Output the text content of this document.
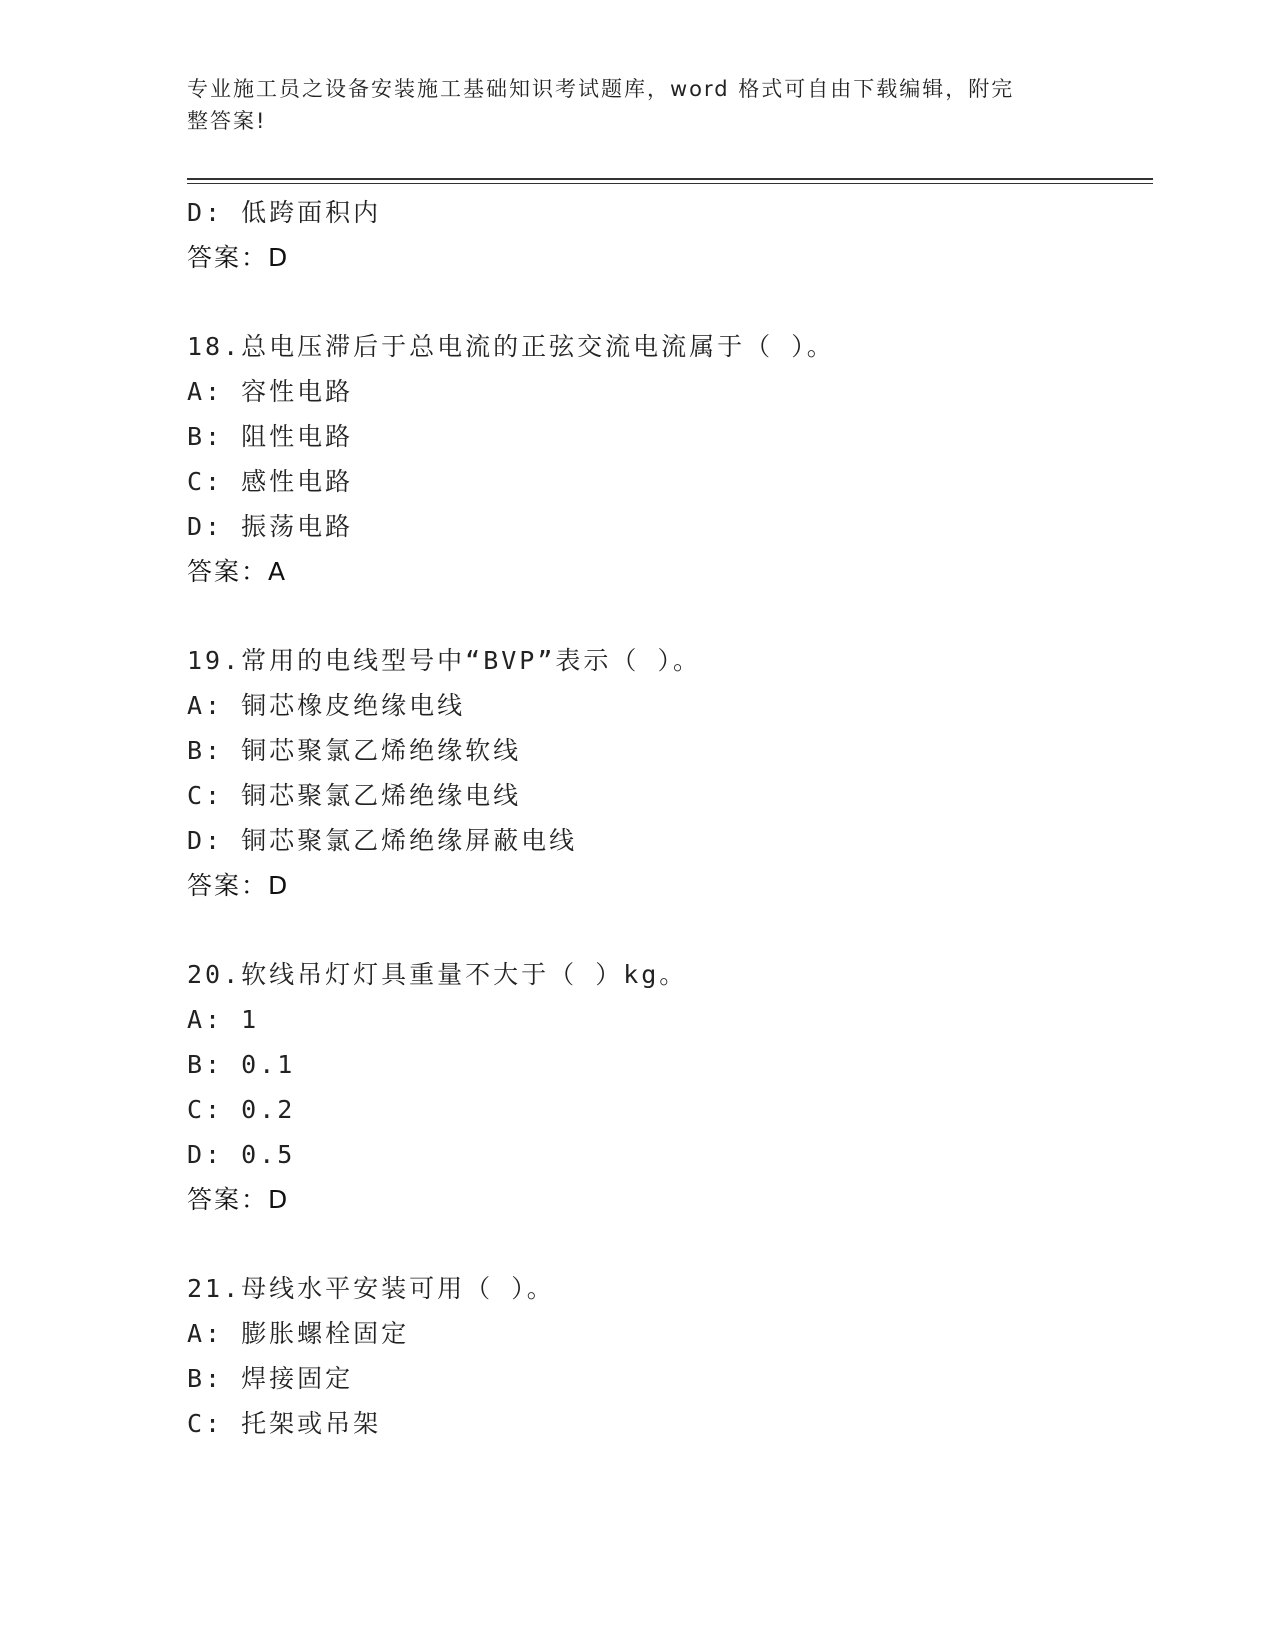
专业施工员之设备安装施工基础知识考试题库，word 格式可自由下载编辑，附完
整答案!
D: 低跨面积内
答案：D
18.总电压滞后于总电流的正弦交流电流属于（ ）。
A: 容性电路
B: 阻性电路
C: 感性电路
D: 振荡电路
答案：A
19.常用的电线型号中“BVP”表示（ ）。
A: 铜芯橡皮绝缘电线
B: 铜芯聚氯乙烯绝缘软线
C: 铜芯聚氯乙烯绝缘电线
D: 铜芯聚氯乙烯绝缘屏蔽电线
答案：D
20.软线吊灯灯具重量不大于（ ）kg。
A: 1
B: 0.1
C: 0.2
D: 0.5
答案：D
21.母线水平安装可用（ ）。
A: 膨胀螺栓固定
B: 焊接固定
C: 托架或吊架
